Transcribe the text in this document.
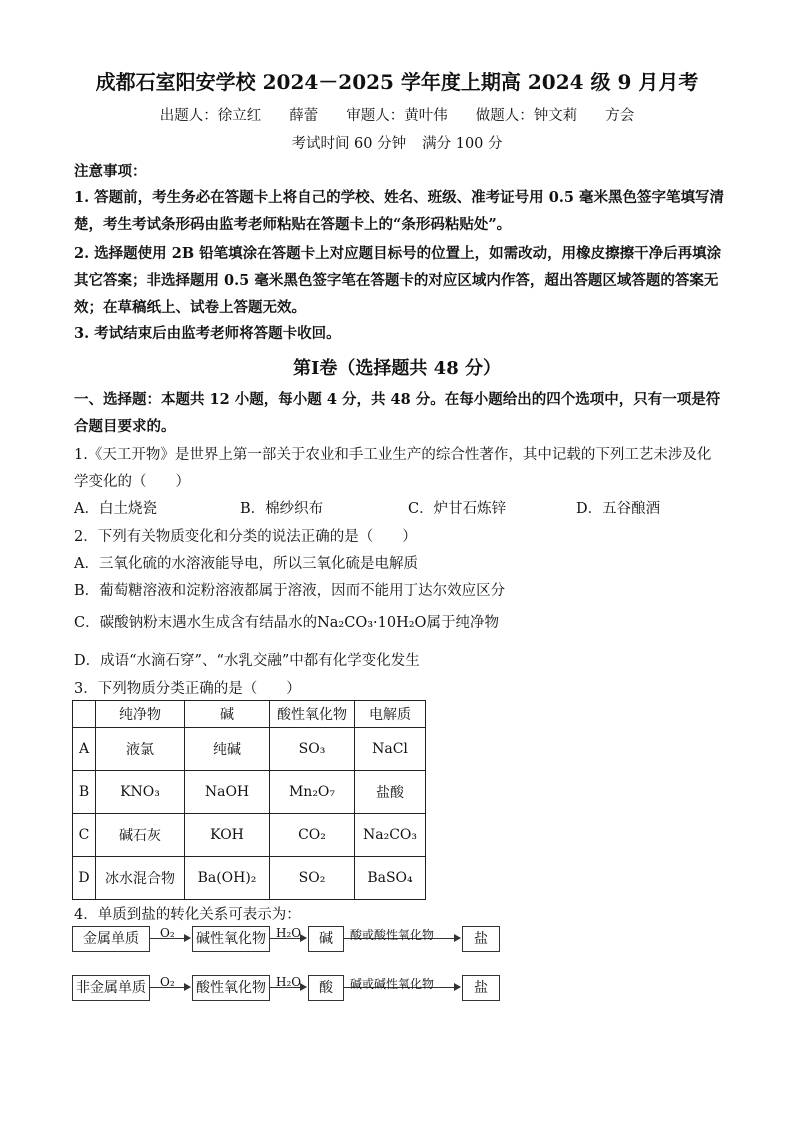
成都石室阳安学校 2024－2025 学年度上期高 2024 级 9 月月考
出题人：徐立红 薛蕾 审题人：黄叶伟 做题人：钟文莉 方会
考试时间 60 分钟 满分 100 分
注意事项：
1. 答题前，考生务必在答题卡上将自己的学校、姓名、班级、准考证号用 0.5 毫米黑色签字笔填写清楚，考生考试条形码由监考老师粘贴在答题卡上的“条形码粘贴处”。
2. 选择题使用 2B 铅笔填涂在答题卡上对应题目标号的位置上，如需改动，用橡皮擦擦干净后再填涂其它答案；非选择题用 0.5 毫米黑色签字笔在答题卡的对应区域内作答，超出答题区域答题的答案无效；在草稿纸上、试卷上答题无效。
3. 考试结束后由监考老师将答题卡收回。
第Ⅰ卷（选择题共 48 分）
一、选择题：本题共 12 小题，每小题 4 分，共 48 分。在每小题给出的四个选项中，只有一项是符合题目要求的。
1.《天工开物》是世界上第一部关于农业和手工业生产的综合性著作，其中记载的下列工艺未涉及化学变化的（　　）
A．白土烧瓷	B．棉纱织布	C．炉甘石炼锌	D．五谷酿酒
2．下列有关物质变化和分类的说法正确的是（　　）
A．三氧化硫的水溶液能导电，所以三氧化硫是电解质
B．葡萄糖溶液和淀粉溶液都属于溶液，因而不能用丁达尔效应区分
C．碳酸钠粉末遇水生成含有结晶水的Na₂CO₃·10H₂O属于纯净物
D．成语“水滴石穿”、“水乳交融”中都有化学变化发生
3．下列物质分类正确的是（　　）
	纯净物	碱	酸性氧化物	电解质
A	液氯	纯碱	SO₃	NaCl
B	KNO₃	NaOH	Mn₂O₇	盐酸
C	碱石灰	KOH	CO₂	Na₂CO₃
D	冰水混合物	Ba(OH)₂	SO₂	BaSO₄
4．单质到盐的转化关系可表示为：
金属单质	O₂ 碱性氧化物 H₂O	碱	酸或酸性氧化物	盐
非金属单质	O₂ 酸性氧化物 H₂O	酸	碱或碱性氧化物	盐
